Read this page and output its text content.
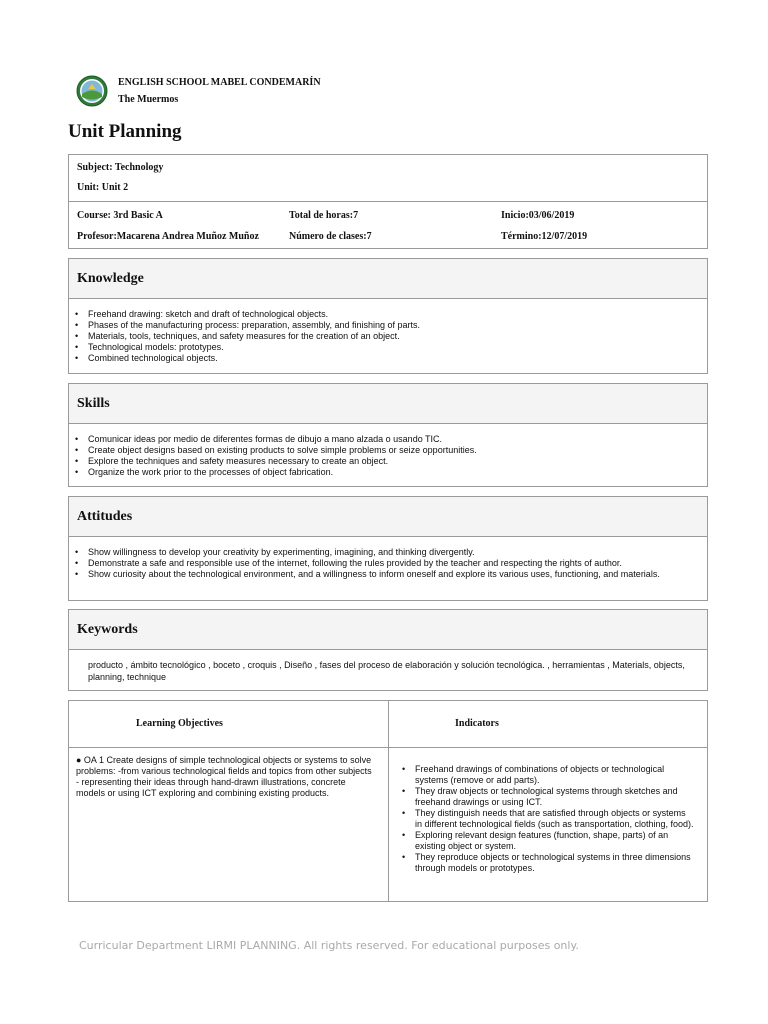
`
ENGLISH SCHOOL MABEL CONDEMARÍN
The Muermos
Unit Planning
Subject: Technology
Unit: Unit 2
Course: 3rd Basic A	Total de horas:7	Inicio:03/06/2019
Profesor:Macarena Andrea Muñoz Muñoz	Número de clases:7	Término:12/07/2019
Knowledge
• Freehand drawing: sketch and draft of technological objects.
• Phases of the manufacturing process: preparation, assembly, and finishing of parts.
• Materials, tools, techniques, and safety measures for the creation of an object.
• Technological models: prototypes.
• Combined technological objects.
Skills
• Comunicar ideas por medio de diferentes formas de dibujo a mano alzada o usando TIC.
• Create object designs based on existing products to solve simple problems or seize opportunities.
• Explore the techniques and safety measures necessary to create an object.
• Organize the work prior to the processes of object fabrication.
Attitudes
• Show willingness to develop your creativity by experimenting, imagining, and thinking divergently.
• Demonstrate a safe and responsible use of the internet, following the rules provided by the teacher and respecting the rights of author.
• Show curiosity about the technological environment, and a willingness to inform oneself and explore its various uses, functioning, and materials.
Keywords
producto , ámbito tecnológico , boceto , croquis , Diseño , fases del proceso de elaboración y solución tecnológica. , herramientas , Materials, objects, planning, technique
Learning Objectives	Indicators
● OA 1 Create designs of simple technological objects or systems to solve problems: -from various technological fields and topics from other subjects - representing their ideas through hand-drawn illustrations, concrete models or using ICT exploring and combining existing products.
• Freehand drawings of combinations of objects or technological systems (remove or add parts).
• They draw objects or technological systems through sketches and freehand drawings or using ICT.
• They distinguish needs that are satisfied through objects or systems in different technological fields (such as transportation, clothing, food).
• Exploring relevant design features (function, shape, parts) of an existing object or system.
• They reproduce objects or technological systems in three dimensions through models or prototypes.
Curricular Department LIRMI PLANNING. All rights reserved. For educational purposes only.
